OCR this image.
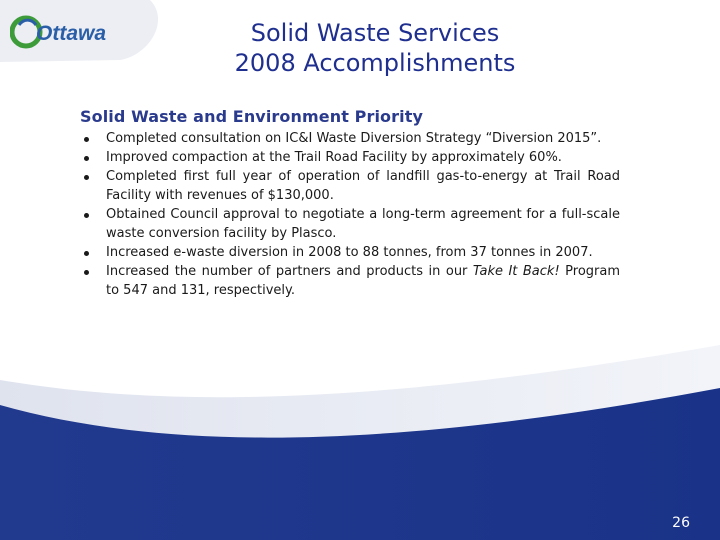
Ottawa	Solid Waste Services
2008 Accomplishments
Solid Waste and Environment Priority
Completed consultation on IC&I Waste Diversion Strategy “Diversion 2015”.
Improved compaction at the Trail Road Facility by approximately 60%.
Completed first full year of operation of landfill gas-to-energy at Trail Road Facility with revenues of $130,000.
Obtained Council approval to negotiate a long-term agreement for a full-scale waste conversion facility by Plasco.
Increased e-waste diversion in 2008 to 88 tonnes, from 37 tonnes in 2007.
Increased the number of partners and products in our Take It Back! Program to 547 and 131, respectively.
26
